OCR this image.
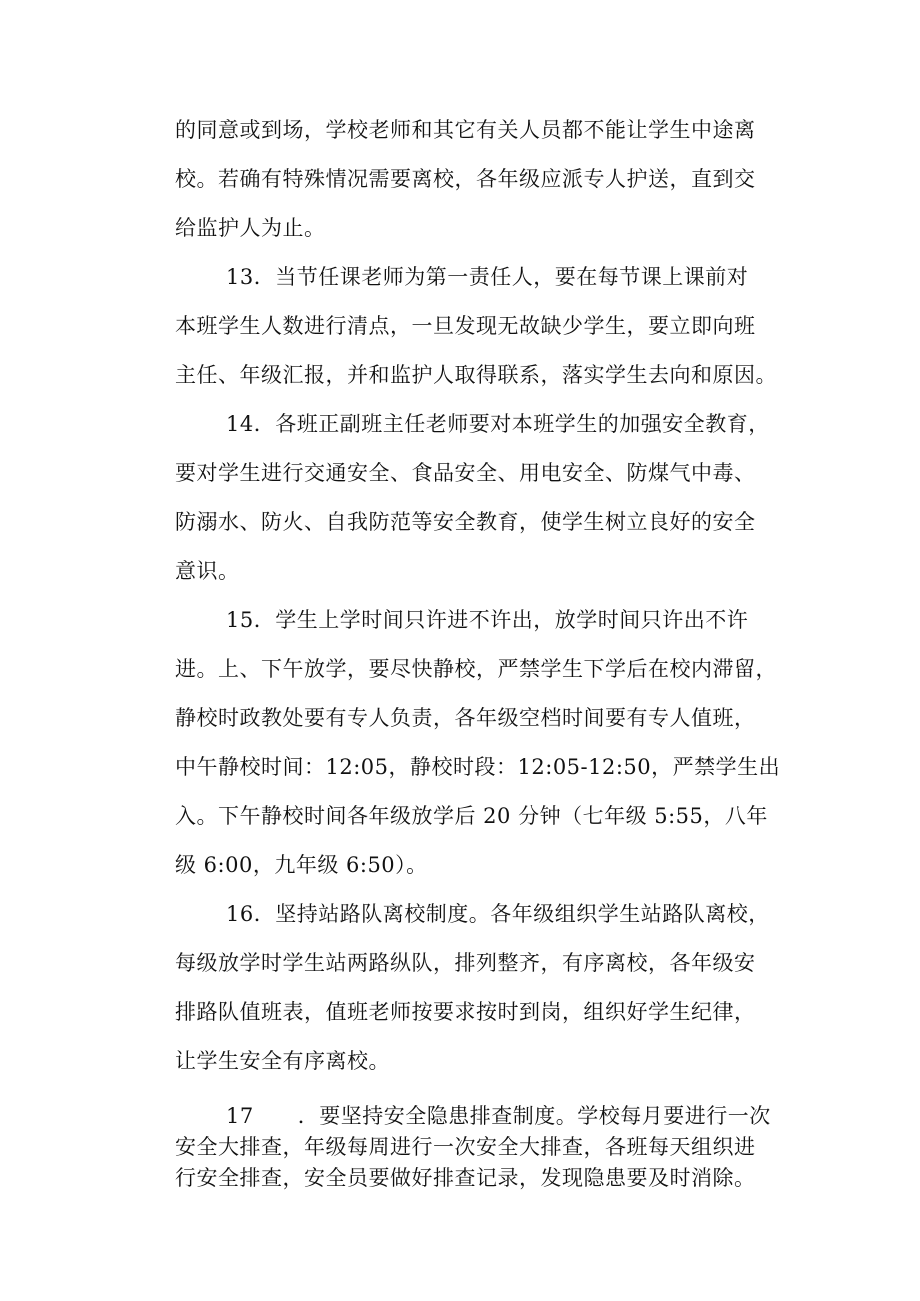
的同意或到场，学校老师和其它有关人员都不能让学生中途离
校。若确有特殊情况需要离校，各年级应派专人护送，直到交
给监护人为止。
13．当节任课老师为第一责任人，要在每节课上课前对
本班学生人数进行清点，一旦发现无故缺少学生，要立即向班
主任、年级汇报，并和监护人取得联系，落实学生去向和原因。
14．各班正副班主任老师要对本班学生的加强安全教育，
要对学生进行交通安全、食品安全、用电安全、防煤气中毒、
防溺水、防火、自我防范等安全教育，使学生树立良好的安全
意识。
15．学生上学时间只许进不许出，放学时间只许出不许
进。上、下午放学，要尽快静校，严禁学生下学后在校内滞留，
静校时政教处要有专人负责，各年级空档时间要有专人值班，
中午静校时间：12:05，静校时段：12:05-12:50，严禁学生出
入。下午静校时间各年级放学后 20 分钟（七年级 5:55，八年
级 6:00，九年级 6:50）。
16．坚持站路队离校制度。各年级组织学生站路队离校，
每级放学时学生站两路纵队，排列整齐，有序离校，各年级安
排路队值班表，值班老师按要求按时到岗，组织好学生纪律，
让学生安全有序离校。
17 ．要坚持安全隐患排查制度。学校每月要进行一次
安全大排查，年级每周进行一次安全大排查，各班每天组织进
行安全排查，安全员要做好排查记录，发现隐患要及时消除。
